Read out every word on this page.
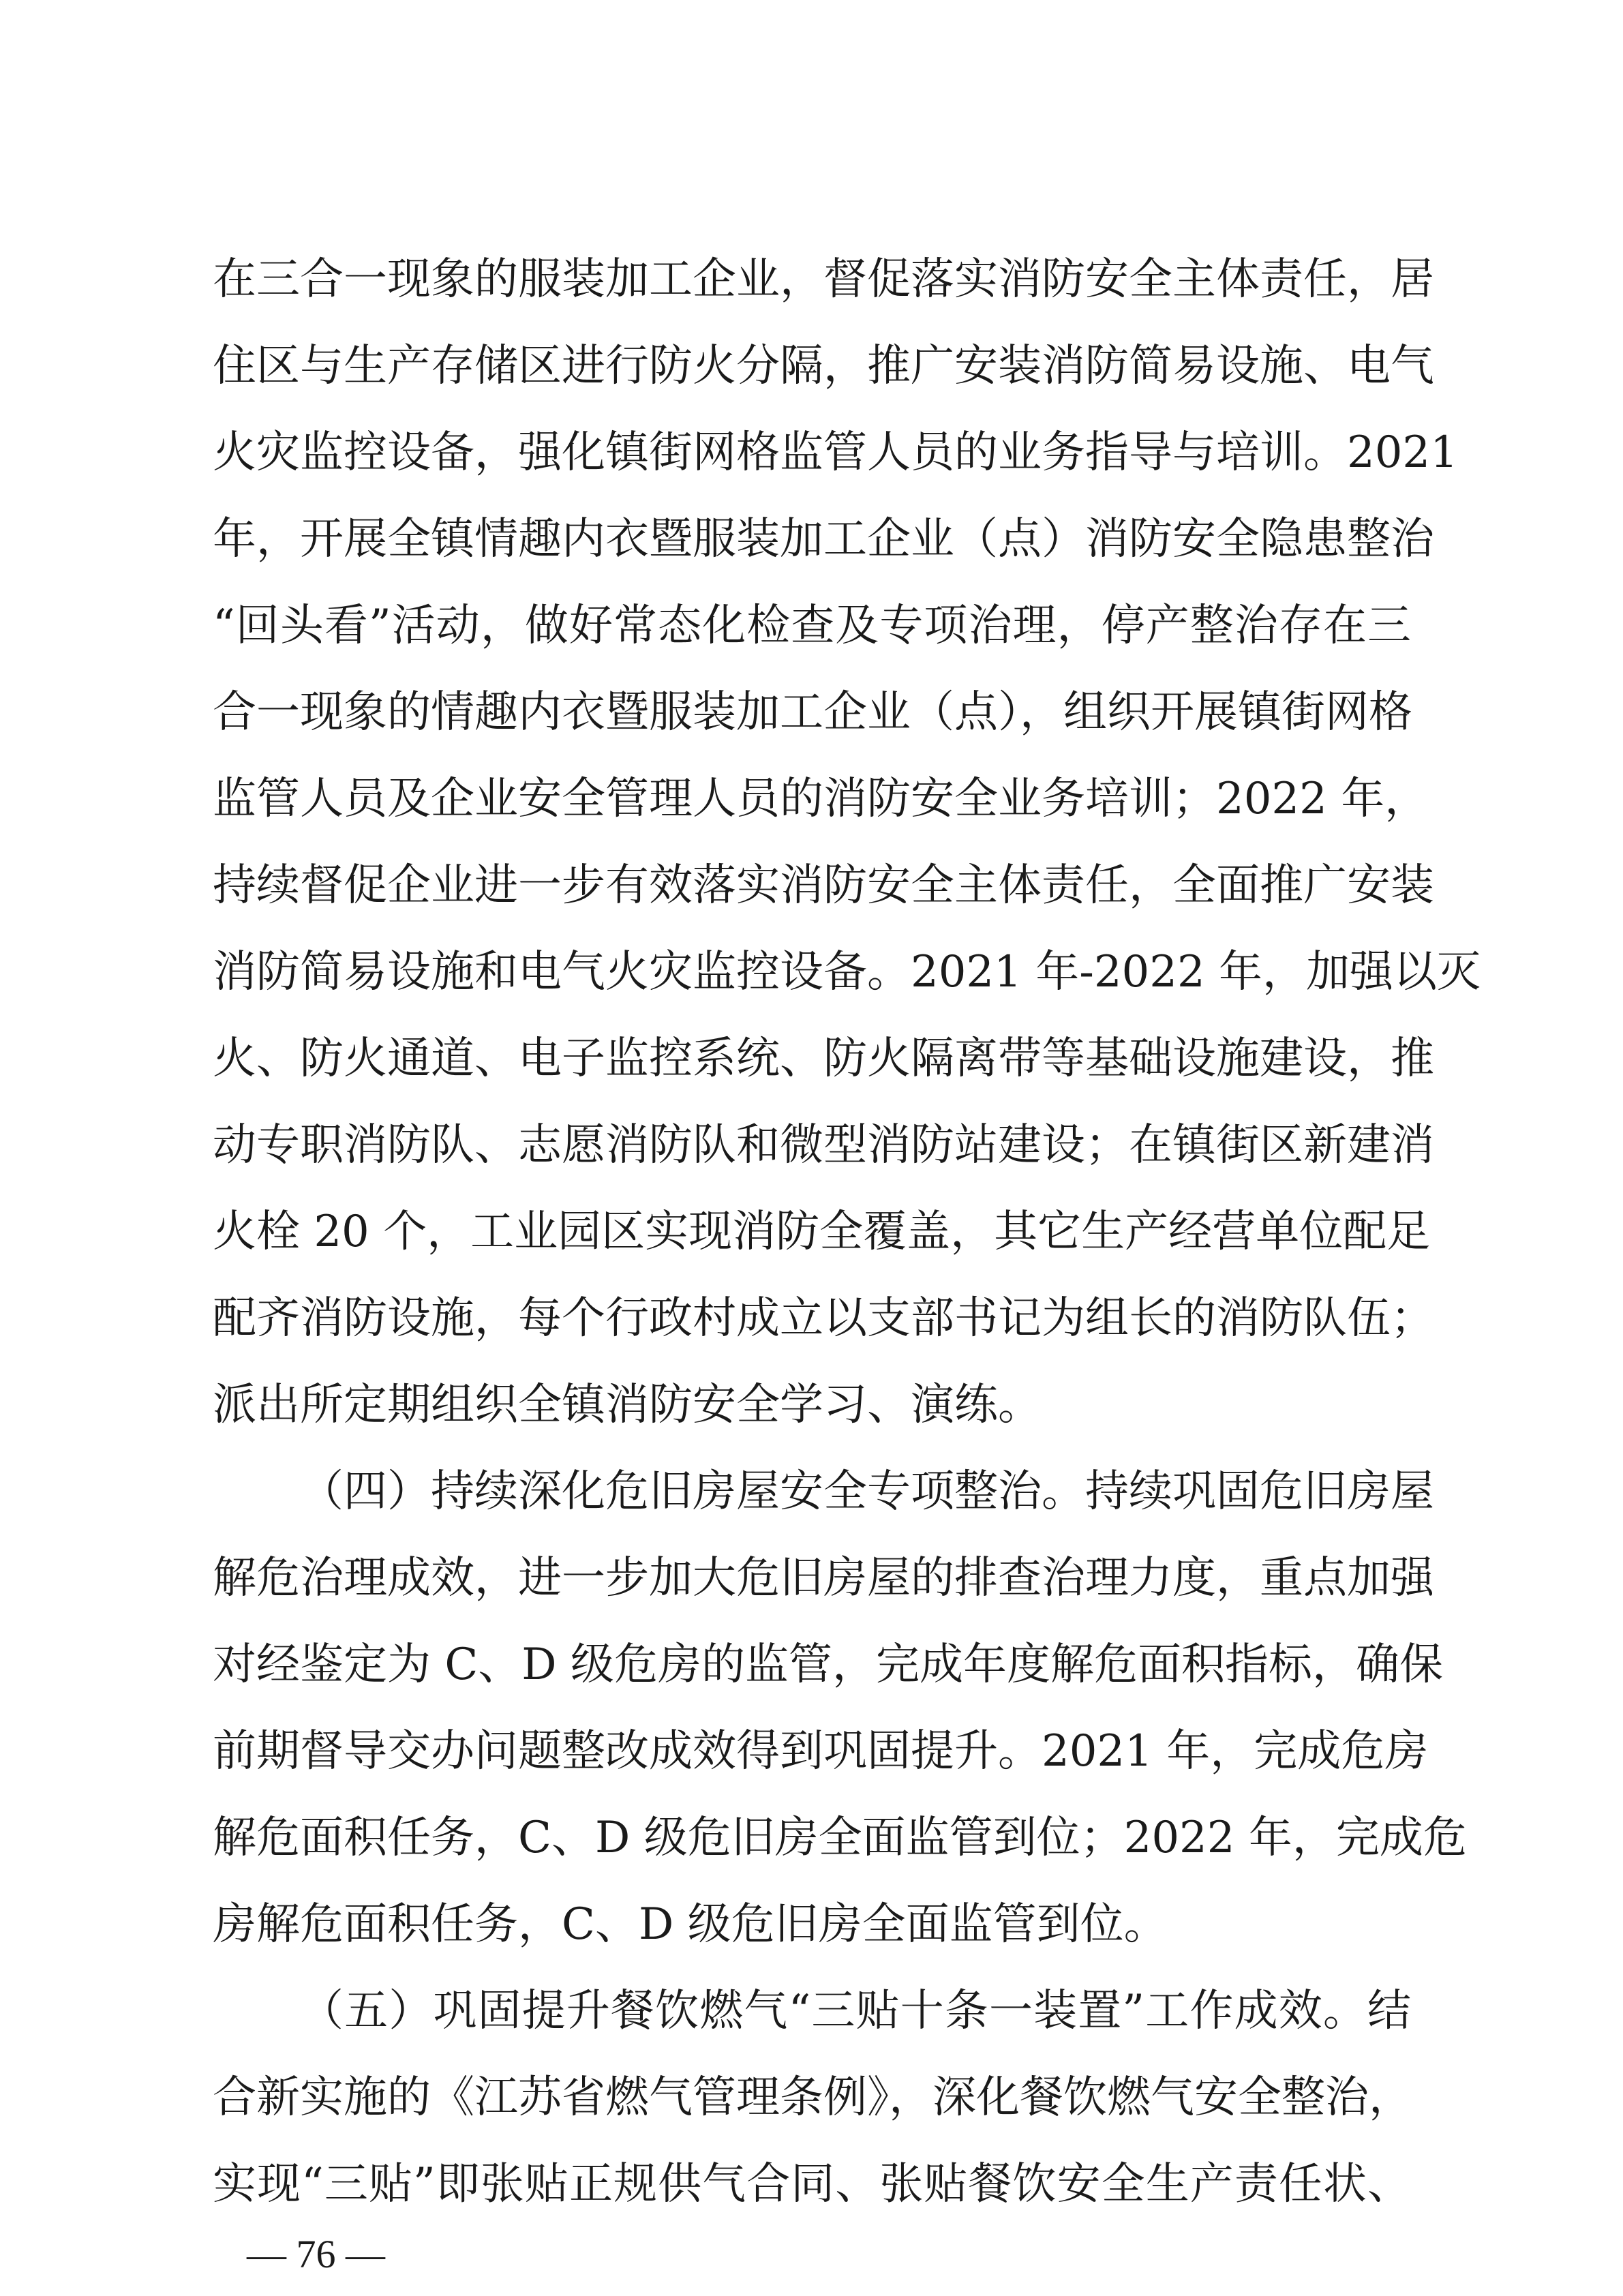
在三合一现象的服装加工企业，督促落实消防安全主体责任，居
住区与生产存储区进行防火分隔，推广安装消防简易设施、电气
火灾监控设备，强化镇街网格监管人员的业务指导与培训。2021
年，开展全镇情趣内衣暨服装加工企业（点）消防安全隐患整治
“回头看”活动，做好常态化检查及专项治理，停产整治存在三
合一现象的情趣内衣暨服装加工企业（点），组织开展镇街网格
监管人员及企业安全管理人员的消防安全业务培训；2022 年，
持续督促企业进一步有效落实消防安全主体责任，全面推广安装
消防简易设施和电气火灾监控设备。2021 年-2022 年，加强以灭
火、防火通道、电子监控系统、防火隔离带等基础设施建设，推
动专职消防队、志愿消防队和微型消防站建设；在镇街区新建消
火栓 20 个，工业园区实现消防全覆盖，其它生产经营单位配足
配齐消防设施，每个行政村成立以支部书记为组长的消防队伍；
派出所定期组织全镇消防安全学习、演练。
（四）持续深化危旧房屋安全专项整治。持续巩固危旧房屋
解危治理成效，进一步加大危旧房屋的排查治理力度，重点加强
对经鉴定为 C、D 级危房的监管，完成年度解危面积指标，确保
前期督导交办问题整改成效得到巩固提升。2021 年，完成危房
解危面积任务，C、D 级危旧房全面监管到位；2022 年，完成危
房解危面积任务，C、D 级危旧房全面监管到位。
（五）巩固提升餐饮燃气“三贴十条一装置”工作成效。结
合新实施的《江苏省燃气管理条例》，深化餐饮燃气安全整治，
实现“三贴”即张贴正规供气合同、张贴餐饮安全生产责任状、
— 76 —
